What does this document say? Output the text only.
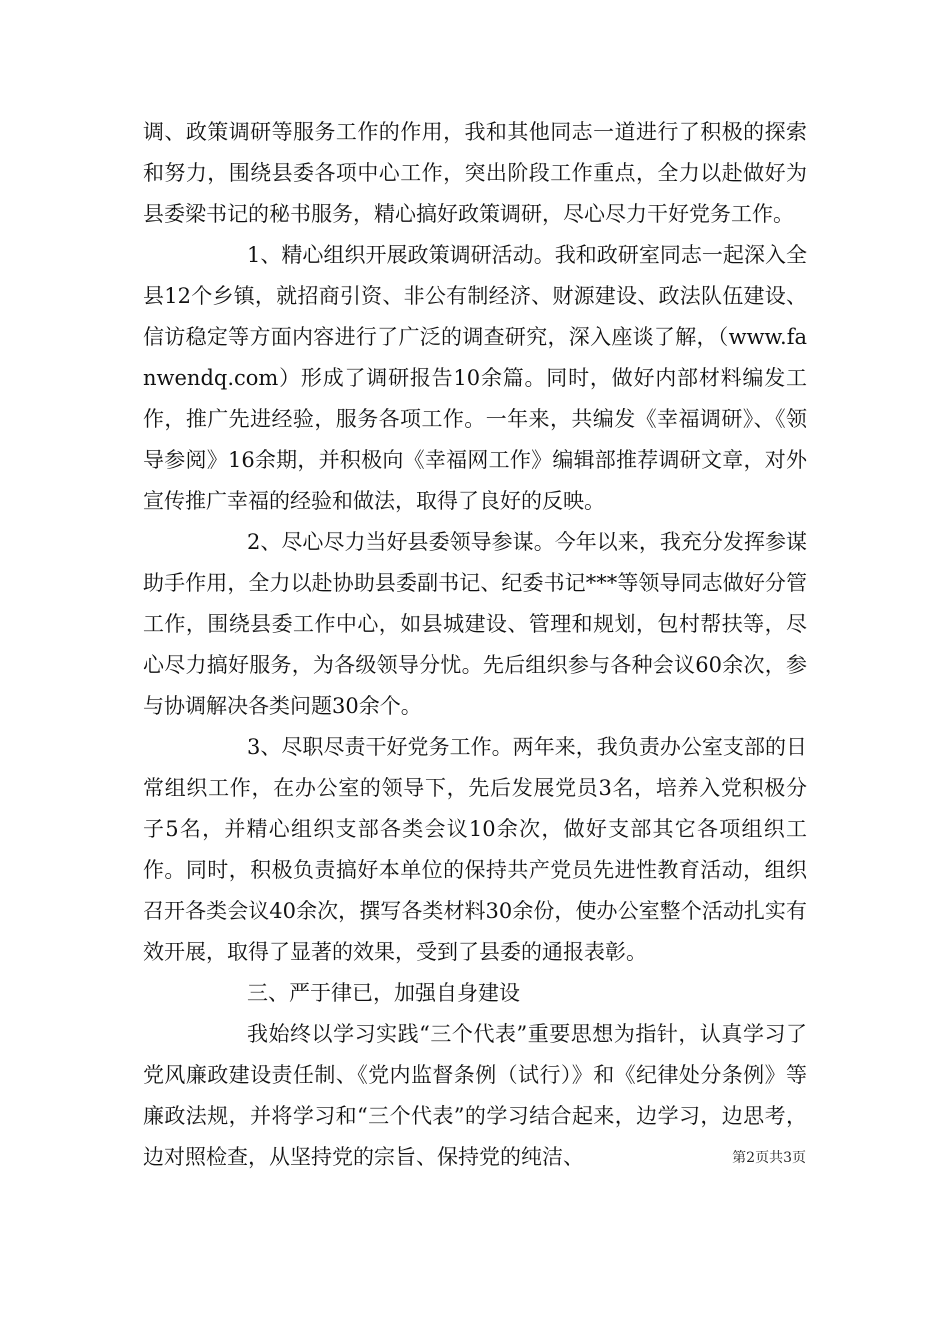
调、政策调研等服务工作的作用，我和其他同志一道进行了积极的探索和努力，围绕县委各项中心工作，突出阶段工作重点，全力以赴做好为县委梁书记的秘书服务，精心搞好政策调研，尽心尽力干好党务工作。

1、精心组织开展政策调研活动。我和政研室同志一起深入全县12个乡镇，就招商引资、非公有制经济、财源建设、政法队伍建设、信访稳定等方面内容进行了广泛的调查研究，深入座谈了解，（www.fanwendq.com）形成了调研报告10余篇。同时，做好内部材料编发工作，推广先进经验，服务各项工作。一年来，共编发《幸福调研》、《领导参阅》16余期，并积极向《幸福网工作》编辑部推荐调研文章，对外宣传推广幸福的经验和做法，取得了良好的反映。

2、尽心尽力当好县委领导参谋。今年以来，我充分发挥参谋助手作用，全力以赴协助县委副书记、纪委书记***等领导同志做好分管工作，围绕县委工作中心，如县城建设、管理和规划，包村帮扶等，尽心尽力搞好服务，为各级领导分忧。先后组织参与各种会议60余次，参与协调解决各类问题30余个。

3、尽职尽责干好党务工作。两年来，我负责办公室支部的日常组织工作，在办公室的领导下，先后发展党员3名，培养入党积极分子5名，并精心组织支部各类会议10余次，做好支部其它各项组织工作。同时，积极负责搞好本单位的保持共产党员先进性教育活动，组织召开各类会议40余次，撰写各类材料30余份，使办公室整个活动扎实有效开展，取得了显著的效果，受到了县委的通报表彰。

三、严于律已，加强自身建设

我始终以学习实践“三个代表”重要思想为指针，认真学习了党风廉政建设责任制、《党内监督条例（试行）》和《纪律处分条例》等廉政法规，并将学习和“三个代表”的学习结合起来，边学习，边思考，边对照检查，从坚持党的宗旨、保持党的纯洁、	第2页共3页
